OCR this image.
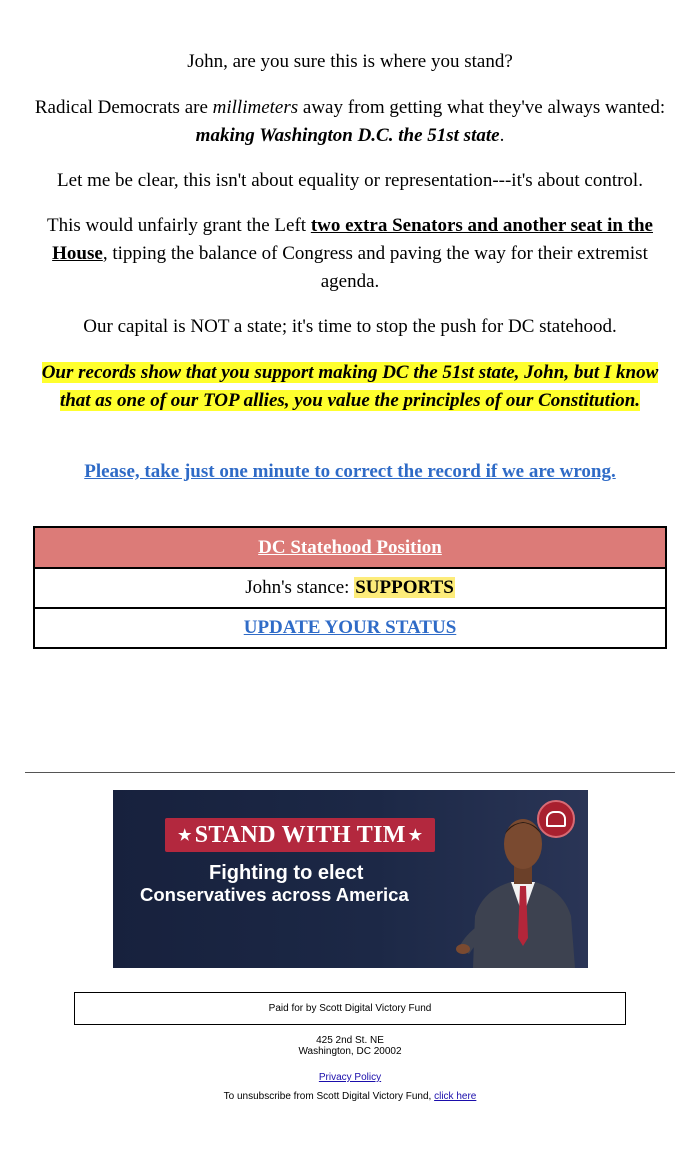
John, are you sure this is where you stand?

Radical Democrats are millimeters away from getting what they've always wanted: making Washington D.C. the 51st state.

Let me be clear, this isn't about equality or representation---it's about control.

This would unfairly grant the Left two extra Senators and another seat in the House, tipping the balance of Congress and paving the way for their extremist agenda.

Our capital is NOT a state; it's time to stop the push for DC statehood.

Our records show that you support making DC the 51st state, John, but I know that as one of our TOP allies, you value the principles of our Constitution.

Please, take just one minute to correct the record if we are wrong.

DC Statehood Position
John's stance: SUPPORTS
UPDATE YOUR STATUS
★ STAND WITH TIM ★
Fighting to elect
Conservatives across America
Paid for by Scott Digital Victory Fund
425 2nd St. NE
Washington, DC 20002
Privacy Policy
To unsubscribe from Scott Digital Victory Fund, click here
